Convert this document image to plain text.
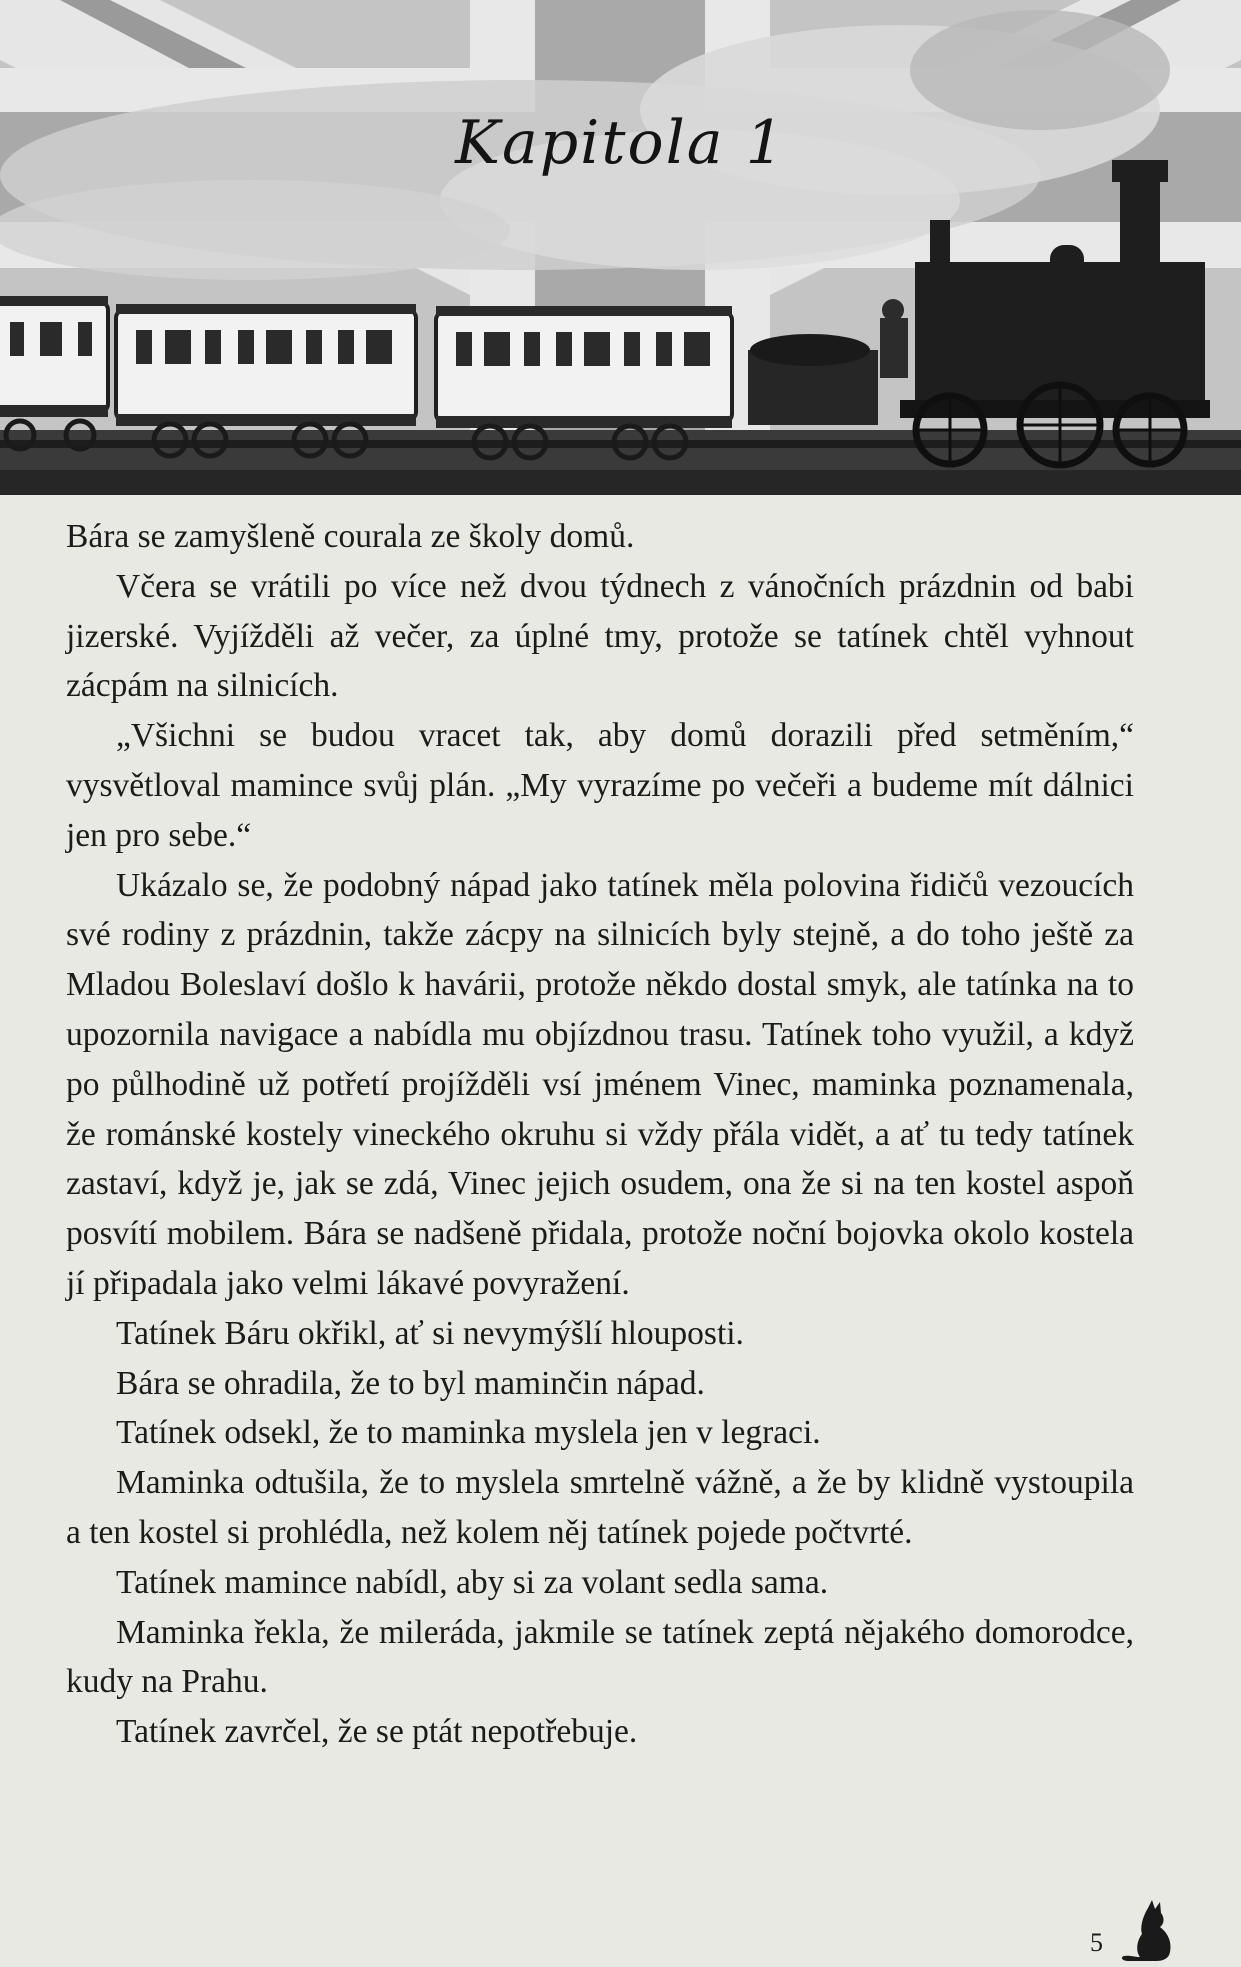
Kapitola 1

Bára se zamyšleně courala ze školy domů.

Včera se vrátili po více než dvou týdnech z vánočních prázdnin od babi jizerské. Vyjížděli až večer, za úplné tmy, protože se tatínek chtěl vyhnout zácpám na silnicích.

„Všichni se budou vracet tak, aby domů dorazili před setměním,“ vysvětloval mamince svůj plán. „My vyrazíme po večeři a budeme mít dálnici jen pro sebe.“

Ukázalo se, že podobný nápad jako tatínek měla polovina řidičů vezoucích své rodiny z prázdnin, takže zácpy na silnicích byly stejně, a do toho ještě za Mladou Boleslaví došlo k havárii, protože někdo dostal smyk, ale tatínka na to upozornila navigace a nabídla mu objízdnou trasu. Tatínek toho využil, a když po půlhodině už potřetí projížděli vsí jménem Vinec, maminka poznamenala, že románské kostely vineckého okruhu si vždy přála vidět, a ať tu tedy tatínek zastaví, když je, jak se zdá, Vinec jejich osudem, ona že si na ten kostel aspoň posvítí mobilem. Bára se nadšeně přidala, protože noční bojovka okolo kostela jí připadala jako velmi lákavé povyražení.

Tatínek Báru okřikl, ať si nevymýšlí hlouposti.

Bára se ohradila, že to byl maminčin nápad.

Tatínek odsekl, že to maminka myslela jen v legraci.

Maminka odtušila, že to myslela smrtelně vážně, a že by klidně vystoupila a ten kostel si prohlédla, než kolem něj tatínek pojede počtvrté.

Tatínek mamince nabídl, aby si za volant sedla sama.

Maminka řekla, že mileráda, jakmile se tatínek zeptá nějakého domorodce, kudy na Prahu.

Tatínek zavrčel, že se ptát nepotřebuje.

5
